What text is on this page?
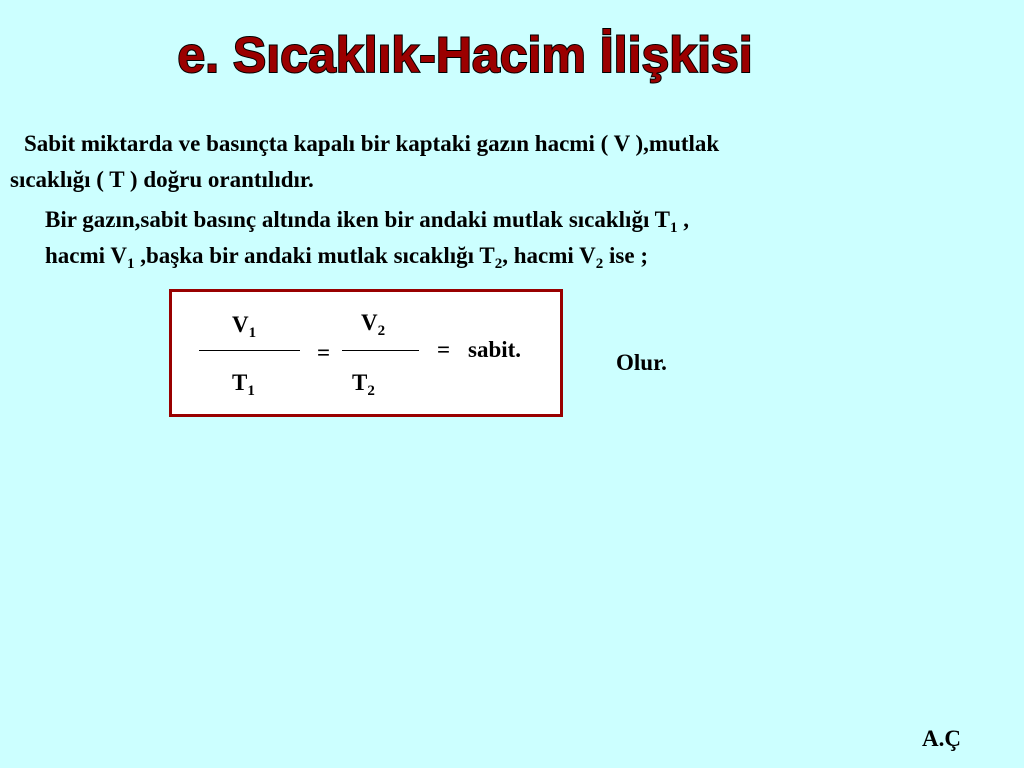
e. Sıcaklık-Hacim İlişkisi
Sabit miktarda ve basınçta kapalı bir kaptaki gazın hacmi ( V ),mutlak
sıcaklığı ( T ) doğru orantılıdır.
Bir gazın,sabit basınç altında iken bir andaki mutlak sıcaklığı $T_1$ ,
hacmi $V_1$ ,başka bir andaki mutlak sıcaklığı $T_2$, hacmi $V_2$ ise ;
$V_1$
$T_1$
=
$V_2$
$T_2$
= sabit.
Olur.
A.Ç
